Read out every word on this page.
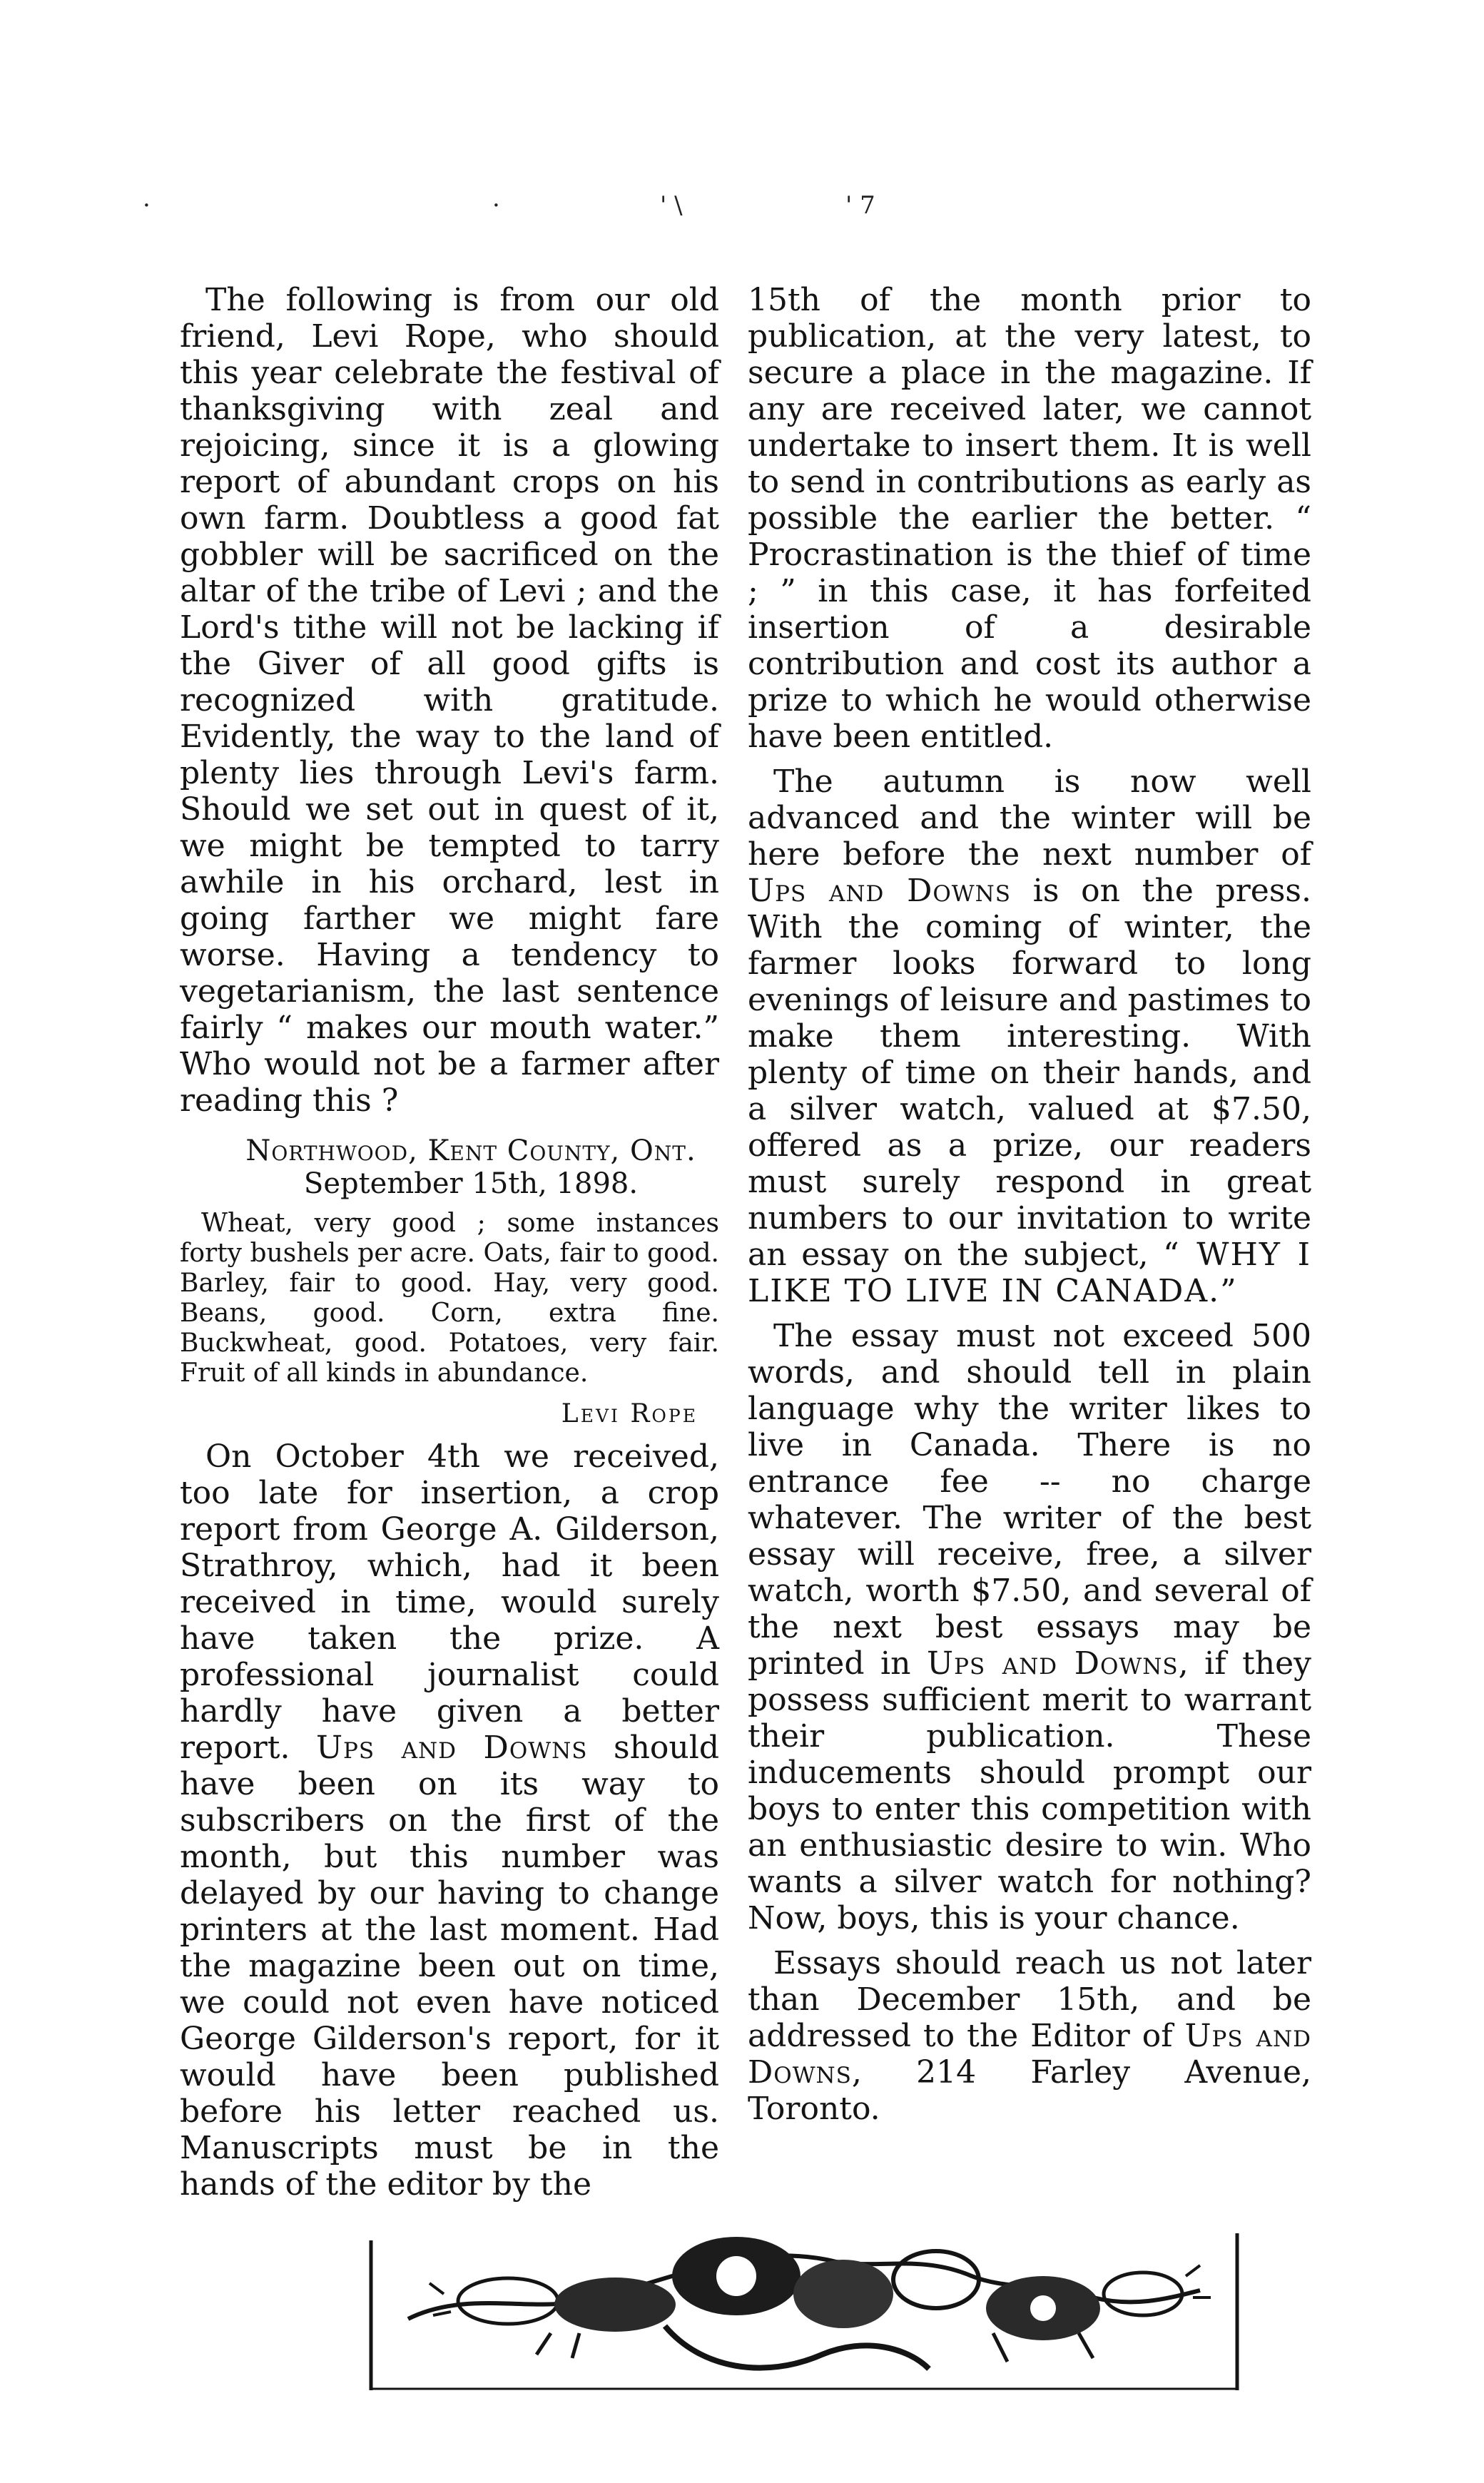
·	·	' \	' 7

The following is from our old friend, Levi Rope, who should this year celebrate the festival of thanksgiving with zeal and rejoicing, since it is a glowing report of abundant crops on his own farm. Doubtless a good fat gobbler will be sacrificed on the altar of the tribe of Levi ; and the Lord's tithe will not be lacking if the Giver of all good gifts is recognized with gratitude. Evidently, the way to the land of plenty lies through Levi's farm. Should we set out in quest of it, we might be tempted to tarry awhile in his orchard, lest in going farther we might fare worse. Having a tendency to vegetarianism, the last sentence fairly “ makes our mouth water.” Who would not be a farmer after reading this ?

Northwood, Kent County, Ont.
September 15th, 1898.
Wheat, very good ; some instances forty bushels per acre. Oats, fair to good. Barley, fair to good. Hay, very good. Beans, good. Corn, extra fine. Buckwheat, good. Potatoes, very fair. Fruit of all kinds in abundance.
Levi Rope

On October 4th we received, too late for insertion, a crop report from George A. Gilderson, Strathroy, which, had it been received in time, would surely have taken the prize. A professional journalist could hardly have given a better report. Ups and Downs should have been on its way to subscribers on the first of the month, but this number was delayed by our having to change printers at the last moment. Had the magazine been out on time, we could not even have noticed George Gilderson's report, for it would have been published before his letter reached us. Manuscripts must be in the hands of the editor by the

15th of the month prior to publication, at the very latest, to secure a place in the magazine. If any are received later, we cannot undertake to insert them. It is well to send in contributions as early as possible the earlier the better. “ Procrastination is the thief of time ; ” in this case, it has forfeited insertion of a desirable contribution and cost its author a prize to which he would otherwise have been entitled.

The autumn is now well advanced and the winter will be here before the next number of Ups and Downs is on the press. With the coming of winter, the farmer looks forward to long evenings of leisure and pastimes to make them interesting. With plenty of time on their hands, and a silver watch, valued at $7.50, offered as a prize, our readers must surely respond in great numbers to our invitation to write an essay on the subject, “ WHY I LIKE TO LIVE IN CANADA.”

The essay must not exceed 500 words, and should tell in plain language why the writer likes to live in Canada. There is no entrance fee -- no charge whatever. The writer of the best essay will receive, free, a silver watch, worth $7.50, and several of the next best essays may be printed in Ups and Downs, if they possess sufficient merit to warrant their publication. These inducements should prompt our boys to enter this competition with an enthusiastic desire to win. Who wants a silver watch for nothing? Now, boys, this is your chance.

Essays should reach us not later than December 15th, and be addressed to the Editor of Ups and Downs, 214 Farley Avenue, Toronto.
